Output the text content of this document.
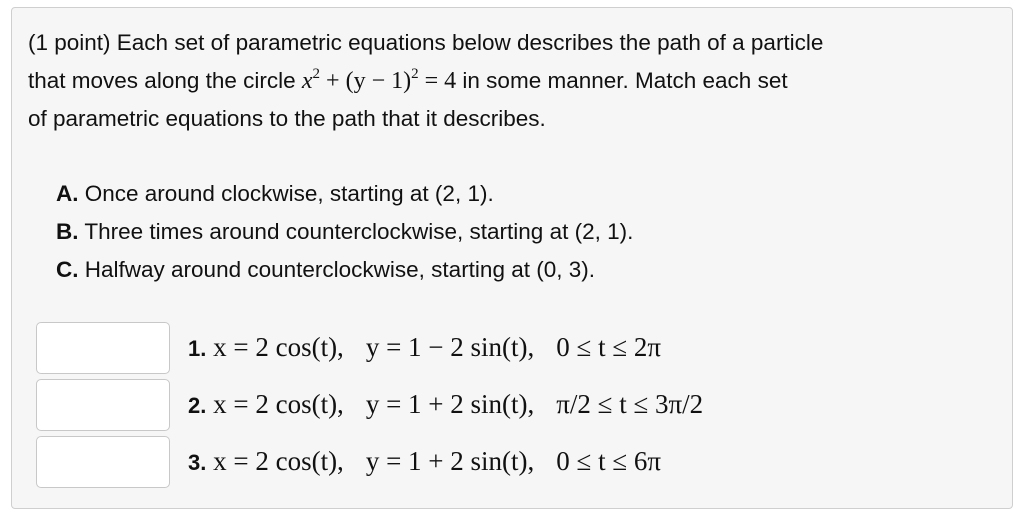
(1 point) Each set of parametric equations below describes the path of a particle
that moves along the circle $x^2 + (y - 1)^2 = 4$ in some manner. Match each set
of parametric equations to the path that it describes.
A. Once around clockwise, starting at (2, 1).
B. Three times around counterclockwise, starting at (2, 1).
C. Halfway around counterclockwise, starting at (0, 3).
1. x = 2 cos(t), y = 1 − 2 sin(t), 0 ≤ t ≤ 2π
2. x = 2 cos(t), y = 1 + 2 sin(t), π/2 ≤ t ≤ 3π/2
3. x = 2 cos(t), y = 1 + 2 sin(t), 0 ≤ t ≤ 6π
